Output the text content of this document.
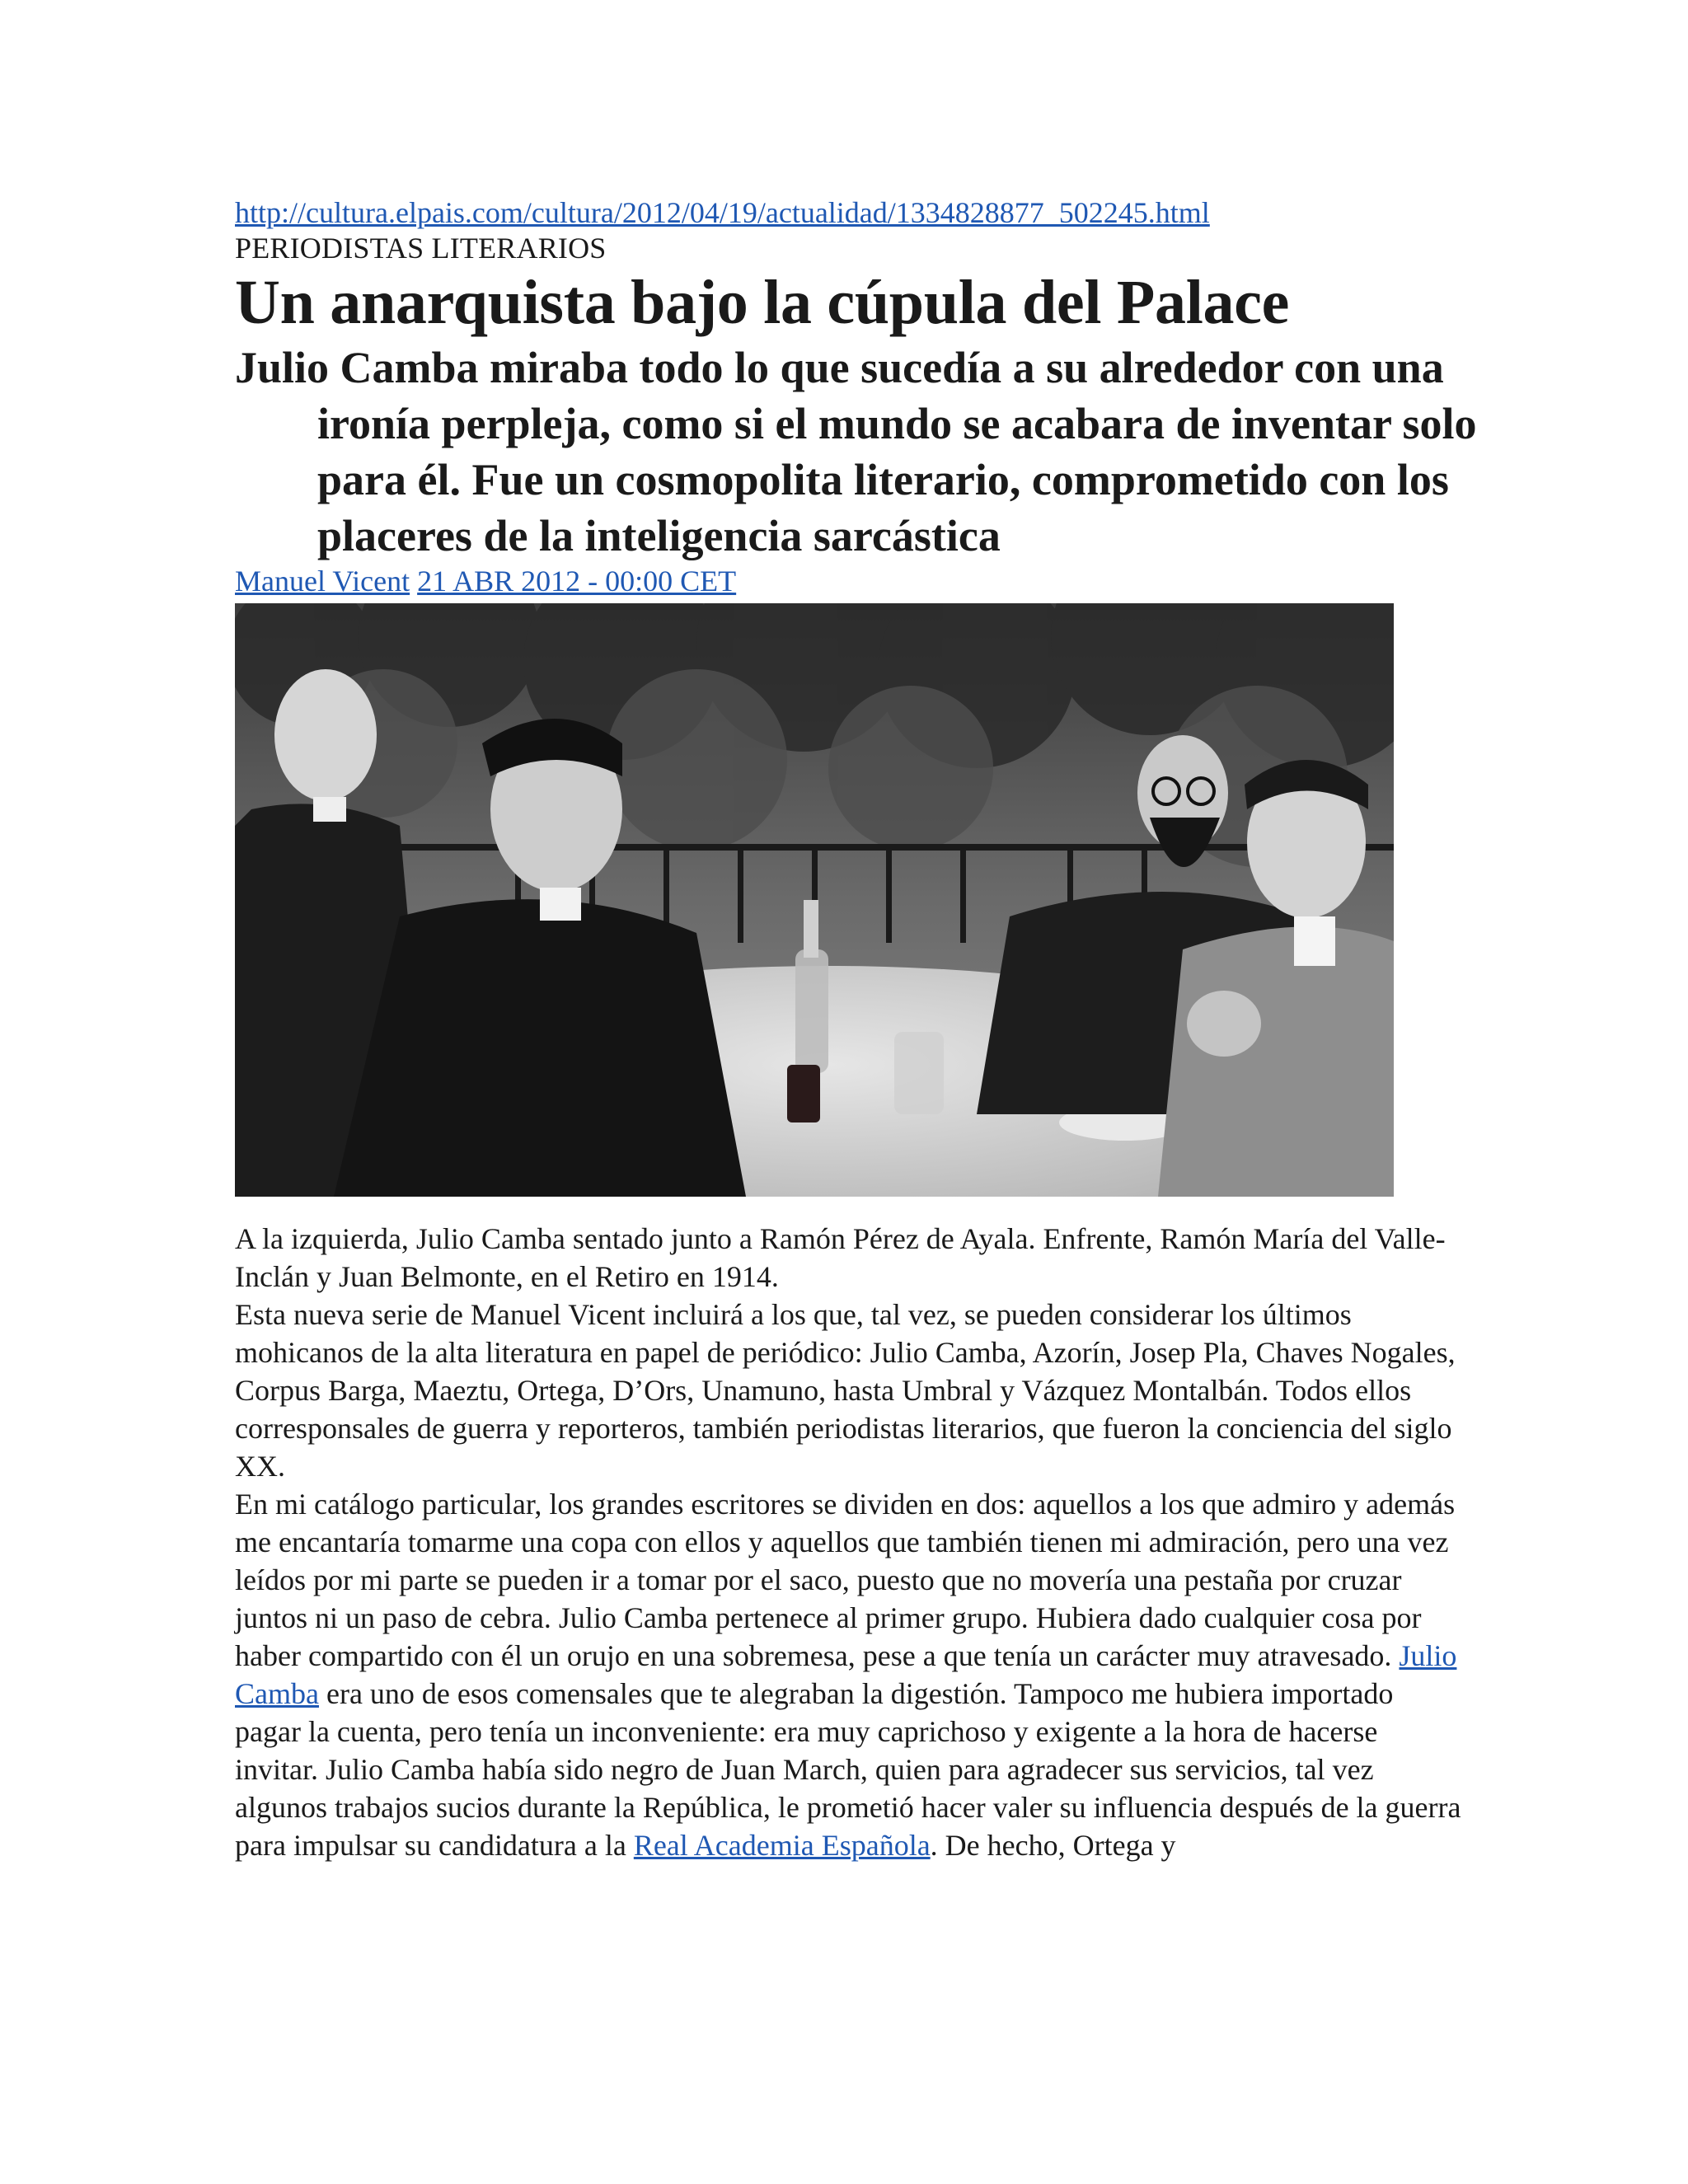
http://cultura.elpais.com/cultura/2012/04/19/actualidad/1334828877_502245.html
PERIODISTAS LITERARIOS
Un anarquista bajo la cúpula del Palace
Julio Camba miraba todo lo que sucedía a su alrededor con una ironía perpleja, como si el mundo se acabara de inventar solo para él. Fue un cosmopolita literario, comprometido con los placeres de la inteligencia sarcástica
Manuel Vicent 21 ABR 2012 - 00:00 CET
A la izquierda, Julio Camba sentado junto a Ramón Pérez de Ayala. Enfrente, Ramón María del Valle- Inclán y Juan Belmonte, en el Retiro en 1914.

Esta nueva serie de Manuel Vicent incluirá a los que, tal vez, se pueden considerar los últimos mohicanos de la alta literatura en papel de periódico: Julio Camba, Azorín, Josep Pla, Chaves Nogales, Corpus Barga, Maeztu, Ortega, D’Ors, Unamuno, hasta Umbral y Vázquez Montalbán. Todos ellos corresponsales de guerra y reporteros, también periodistas literarios, que fueron la conciencia del siglo XX.

En mi catálogo particular, los grandes escritores se dividen en dos: aquellos a los que admiro y además me encantaría tomarme una copa con ellos y aquellos que también tienen mi admiración, pero una vez leídos por mi parte se pueden ir a tomar por el saco, puesto que no movería una pestaña por cruzar juntos ni un paso de cebra. Julio Camba pertenece al primer grupo. Hubiera dado cualquier cosa por haber compartido con él un orujo en una sobremesa, pese a que tenía un carácter muy atravesado. Julio Camba era uno de esos comensales que te alegraban la digestión. Tampoco me hubiera importado pagar la cuenta, pero tenía un inconveniente: era muy caprichoso y exigente a la hora de hacerse invitar. Julio Camba había sido negro de Juan March, quien para agradecer sus servicios, tal vez algunos trabajos sucios durante la República, le prometió hacer valer su influencia después de la guerra para impulsar su candidatura a la Real Academia Española. De hecho, Ortega y
